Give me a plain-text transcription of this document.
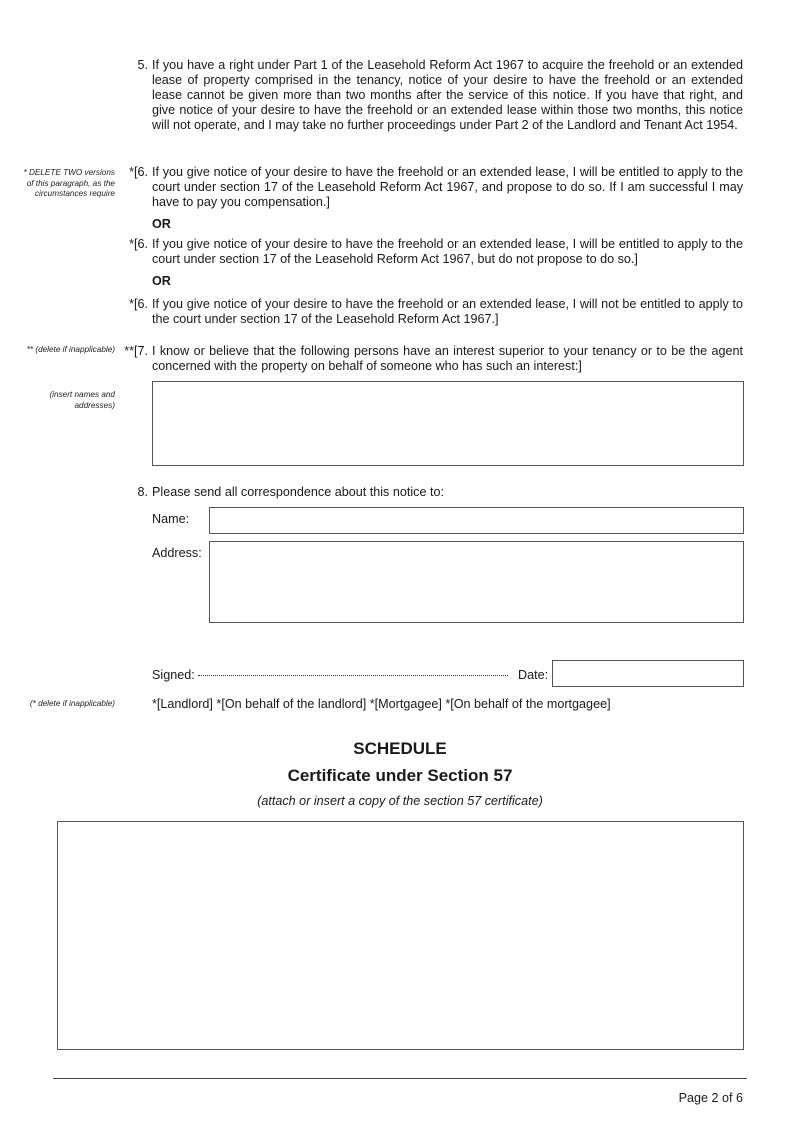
5. If you have a right under Part 1 of the Leasehold Reform Act 1967 to acquire the freehold or an extended lease of property comprised in the tenancy, notice of your desire to have the freehold or an extended lease cannot be given more than two months after the service of this notice. If you have that right, and give notice of your desire to have the freehold or an extended lease within those two months, this notice will not operate, and I may take no further proceedings under Part 2 of the Landlord and Tenant Act 1954.
* DELETE TWO versions of this paragraph, as the circumstances require
*[6. If you give notice of your desire to have the freehold or an extended lease, I will be entitled to apply to the court under section 17 of the Leasehold Reform Act 1967, and propose to do so. If I am successful I may have to pay you compensation.]
OR
*[6. If you give notice of your desire to have the freehold or an extended lease, I will be entitled to apply to the court under section 17 of the Leasehold Reform Act 1967, but do not propose to do so.]
OR
*[6. If you give notice of your desire to have the freehold or an extended lease, I will not be entitled to apply to the court under section 17 of the Leasehold Reform Act 1967.]
** (delete if inapplicable) **[7. I know or believe that the following persons have an interest superior to your tenancy or to be the agent concerned with the property on behalf of someone who has such an interest:]
(insert names and addresses)
8. Please send all correspondence about this notice to:
Name:
Address:
Signed:	Date:
(* delete if inapplicable)	*[Landlord] *[On behalf of the landlord] *[Mortgagee] *[On behalf of the mortgagee]
SCHEDULE
Certificate under Section 57
(attach or insert a copy of the section 57 certificate)
Page 2 of 6
